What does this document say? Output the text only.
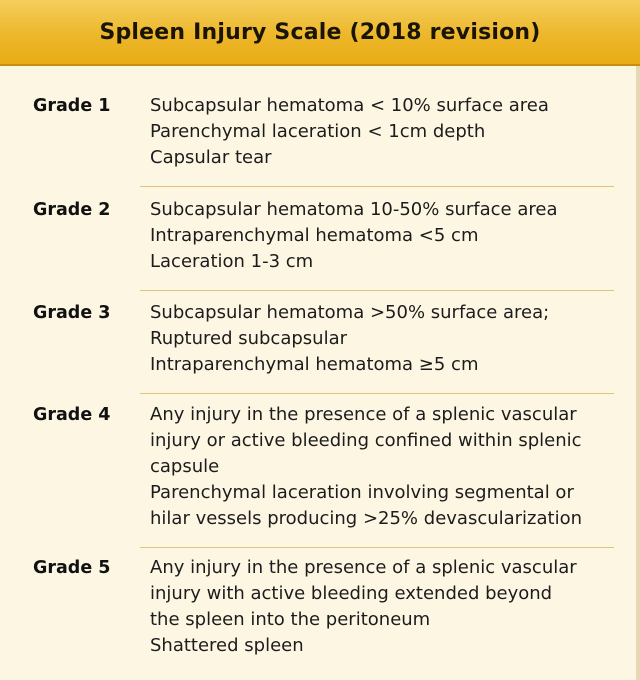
Spleen Injury Scale (2018 revision)
Grade 1 Subcapsular hematoma < 10% surface area
Parenchymal laceration < 1cm depth
Capsular tear
Grade 2 Subcapsular hematoma 10-50% surface area
Intraparenchymal hematoma <5 cm
Laceration 1-3 cm
Grade 3 Subcapsular hematoma >50% surface area;
Ruptured subcapsular
Intraparenchymal hematoma ≥5 cm
Grade 4 Any injury in the presence of a splenic vascular
injury or active bleeding confined within splenic
capsule
Parenchymal laceration involving segmental or
hilar vessels producing >25% devascularization
Grade 5 Any injury in the presence of a splenic vascular
injury with active bleeding extended beyond
the spleen into the peritoneum
Shattered spleen
